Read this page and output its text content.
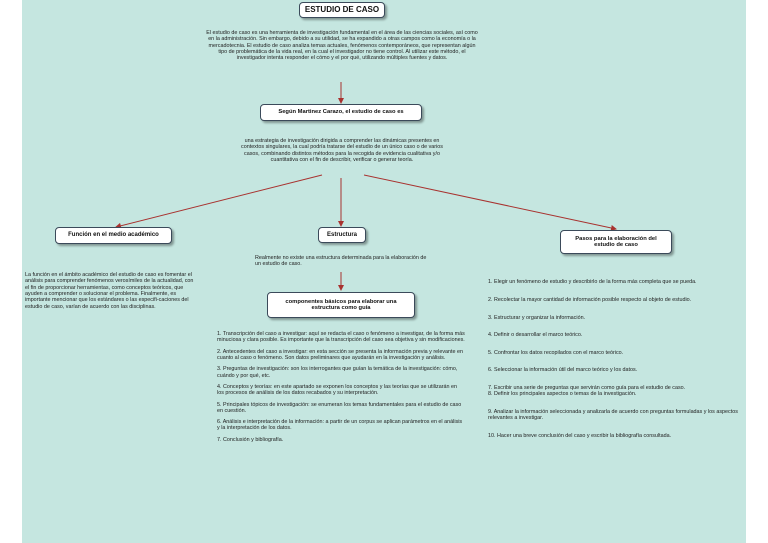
ESTUDIO DE CASO

El estudio de caso es una herramienta de investigación fundamental en el área de las ciencias sociales, así como en la administración. Sin embargo, debido a su utilidad, se ha expandido a otras campos como la economía o la mercadotecnia. El estudio de caso analiza temas actuales, fenómenos contemporáneos, que representan algún tipo de problemática de la vida real, en la cual el investigador no tiene control. Al utilizar este método, el investigador intenta responder el cómo y el por qué, utilizando múltiples fuentes y datos.

Según Martinez Carazo, el estudio de caso es

una estrategia de investigación dirigida a comprender las dinámicas presentes en contextos singulares, la cual podría tratarse del estudio de un único caso o de varios casos, combinando distintos métodos para la recogida de evidencia cualitativa y/o cuantitativa con el fin de describir, verificar o generar teoría.

Función en el medio académico

La función en el ámbito académico del estudio de caso es fomentar el análisis para comprender fenómenos verosímiles de la actualidad, con el fin de proporcionar herramientas, como conceptos teóricos, que ayuden a comprender o solucionar el problema. Finalmente, es importante mencionar que los estándares o las especifi-caciones del estudio de caso, varían de acuerdo con las disciplinas.

Estructura

Realmente no existe una estructura determinada para la elaboración de un estudio de caso.

componentes básicos para elaborar una estructura como guía
1. Transcripción del caso a investigar: aquí se redacta el caso o fenómeno a investigar, de la forma más minuciosa y clara posible. Es importante que la transcripción del caso sea objetiva y sin modificaciones.
2. Antecedentes del caso a investigar: en esta sección se presenta la información previa y relevante en cuanto al caso o fenómeno. Son datos preliminares que ayudarán en la investigación y análisis.
3. Preguntas de investigación: son los interrogantes que guían la temática de la investigación: cómo, cuándo y por qué, etc.
4. Conceptos y teorías: en este apartado se exponen los conceptos y las teorías que se utilizarán en los procesos de análisis de los datos recabados y su interpretación.
5. Principales tópicos de investigación: se enumeran los temas fundamentales para el estudio de caso en cuestión.
6. Análisis e interpretación de la información: a partir de un corpus se aplican parámetros en el análisis y la interpretación de los datos.
7. Conclusión y bibliografía.
Pasos para la elaboración del estudio de caso

1. Elegir un fenómeno de estudio y describirlo de la forma más completa que se pueda.

2. Recolectar la mayor cantidad de información posible respecto al objeto de estudio.

3. Estructurar y organizar la información.

4. Definir o desarrollar el marco teórico.

5. Confrontar los datos recopilados con el marco teórico.

6. Seleccionar la información útil del marco teórico y los datos.

7. Escribir una serie de preguntas que servirán como guía para el estudio de caso.
8. Definir los principales aspectos o temas de la investigación.

9. Analizar la información seleccionada y analizarla de acuerdo con preguntas formuladas y los aspectos relevantes a investigar.

10. Hacer una breve conclusión del caso y escribir la bibliografía consultada.
